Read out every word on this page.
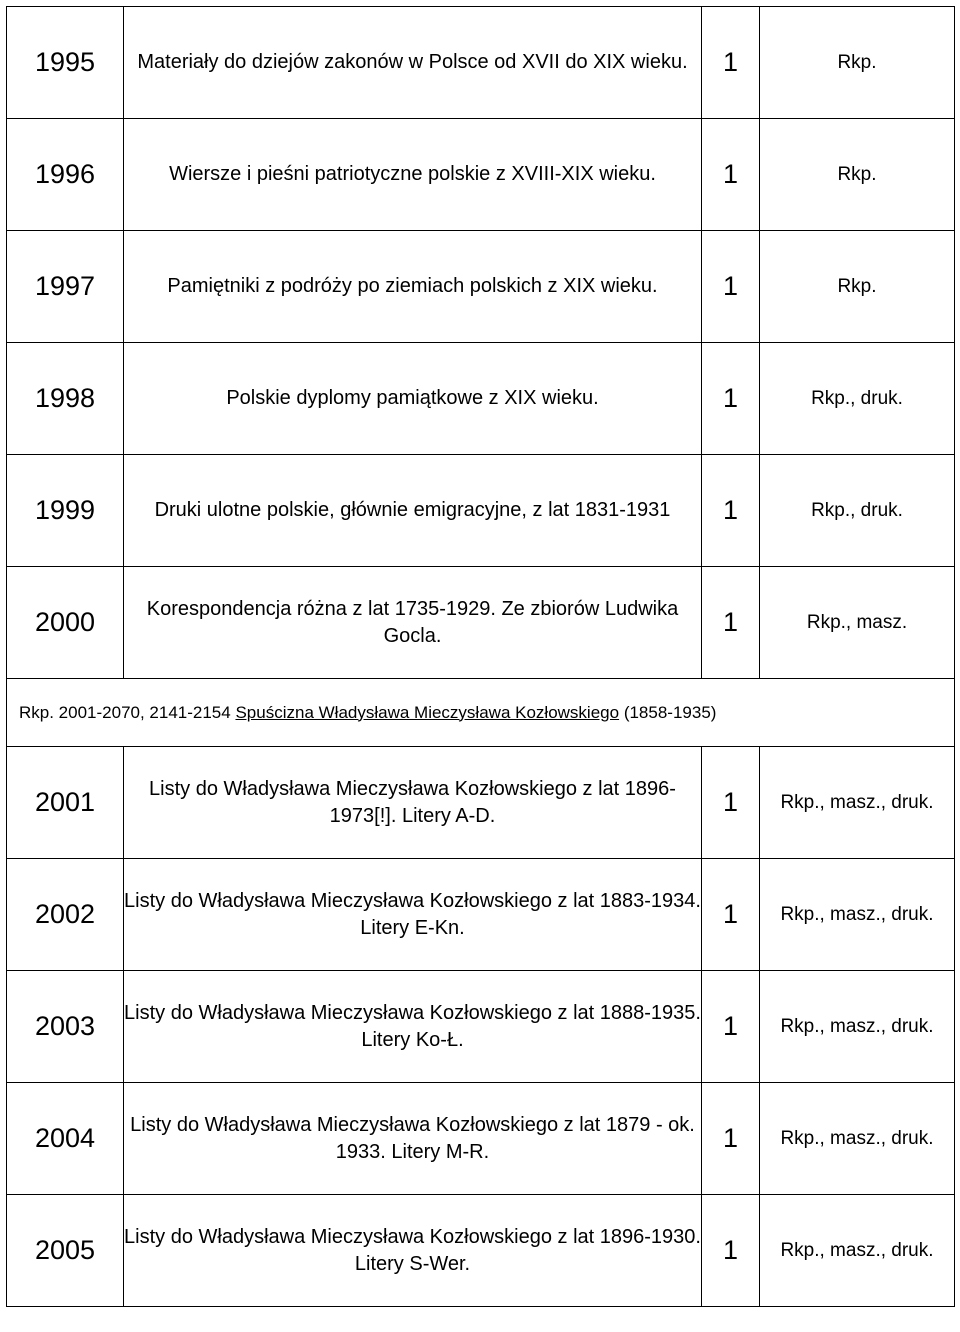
1995	Materiały do dziejów zakonów w Polsce od XVII do XIX wieku.	1	Rkp.
1996	Wiersze i pieśni patriotyczne polskie z XVIII-XIX wieku.	1	Rkp.
1997	Pamiętniki z podróży po ziemiach polskich z XIX wieku.	1	Rkp.
1998	Polskie dyplomy pamiątkowe z XIX wieku.	1	Rkp., druk.
1999	Druki ulotne polskie, głównie emigracyjne, z lat 1831-1931	1	Rkp., druk.
2000	Korespondencja różna z lat 1735-1929. Ze zbiorów Ludwika Gocla.	1	Rkp., masz.
Rkp. 2001-2070, 2141-2154 Spuścizna Władysława Mieczysława Kozłowskiego (1858-1935)			
2001	Listy do Władysława Mieczysława Kozłowskiego z lat 1896-1973[!]. Litery A-D.	1	Rkp., masz., druk.
2002	Listy do Władysława Mieczysława Kozłowskiego z lat 1883-1934. Litery E-Kn.	1	Rkp., masz., druk.
2003	Listy do Władysława Mieczysława Kozłowskiego z lat 1888-1935. Litery Ko-Ł.	1	Rkp., masz., druk.
2004	Listy do Władysława Mieczysława Kozłowskiego z lat 1879 - ok. 1933. Litery M-R.	1	Rkp., masz., druk.
2005	Listy do Władysława Mieczysława Kozłowskiego z lat 1896-1930. Litery S-Wer.	1	Rkp., masz., druk.
